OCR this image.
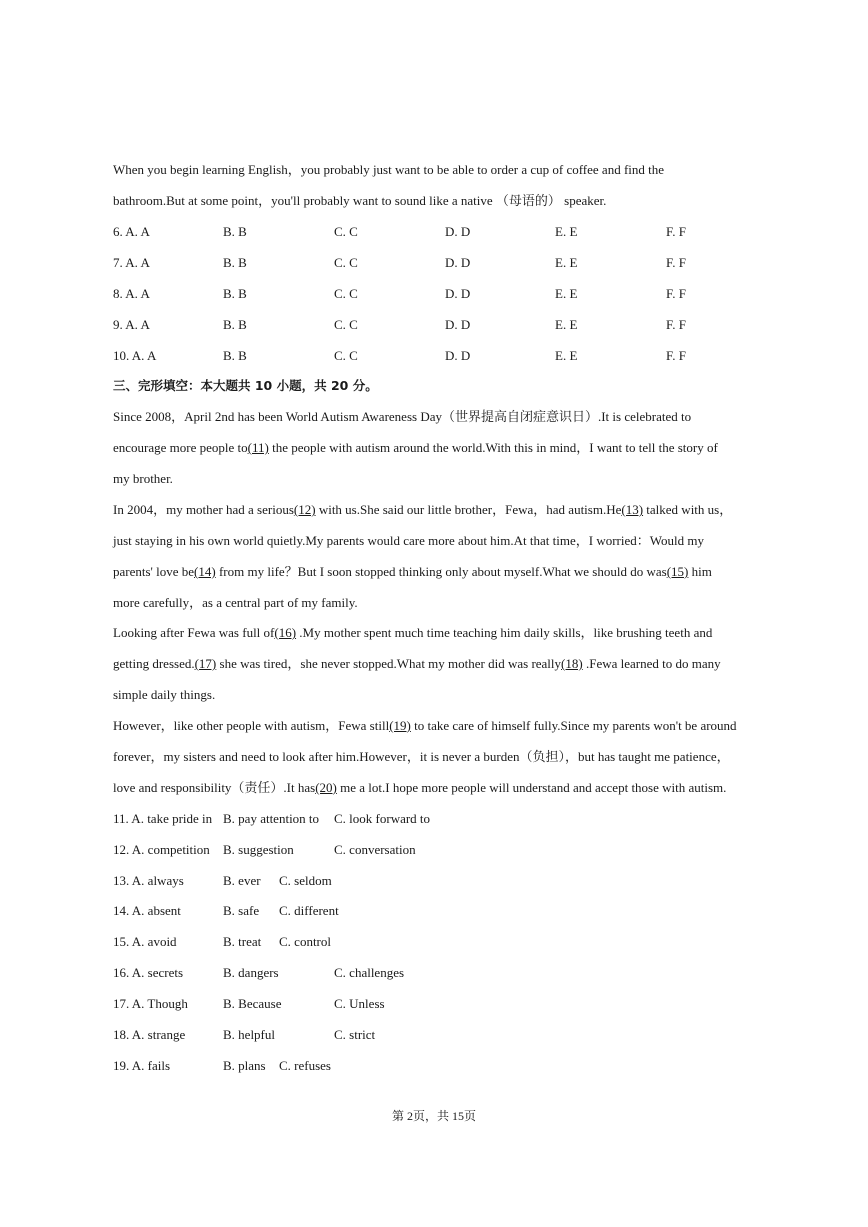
When you begin learning English，you probably just want to be able to order a cup of coffee and find the
bathroom.But at some point，you'll probably want to sound like a native （母语的） speaker.
6. A. A	B. B	C. C	D. D	E. E	F. F
7. A. A	B. B	C. C	D. D	E. E	F. F
8. A. A	B. B	C. C	D. D	E. E	F. F
9. A. A	B. B	C. C	D. D	E. E	F. F
10. A. A	B. B	C. C	D. D	E. E	F. F
三、完形填空：本大题共 10 小题，共 20 分。
Since 2008，April 2nd has been World Autism Awareness Day（世界提高自闭症意识日）.It is celebrated to
encourage more people to(11) the people with autism around the world.With this in mind，I want to tell the story of
my brother.
In 2004，my mother had a serious(12) with us.She said our little brother，Fewa，had autism.He(13) talked with us，
just staying in his own world quietly.My parents would care more about him.At that time，I worried：Would my
parents' love be(14) from my life？But I soon stopped thinking only about myself.What we should do was(15) him
more carefully，as a central part of my family.
Looking after Fewa was full of(16) .My mother spent much time teaching him daily skills，like brushing teeth and
getting dressed.(17) she was tired，she never stopped.What my mother did was really(18) .Fewa learned to do many
simple daily things.
However，like other people with autism，Fewa still(19) to take care of himself fully.Since my parents won't be around
forever，my sisters and need to look after him.However，it is never a burden（负担），but has taught me patience，
love and responsibility（责任）.It has(20) me a lot.I hope more people will understand and accept those with autism.
11. A. take pride in B. pay attention to C. look forward to
12. A. competition B. suggestion	C. conversation
13. A. always	B. ever C. seldom
14. A. absent	B. safe C. different
15. A. avoid	B. treat C. control
16. A. secrets	B. dangers	C. challenges
17. A. Though	B. Because	C. Unless
18. A. strange	B. helpful	C. strict
19. A. fails	B. plans C. refuses
第 2页，共 15页
